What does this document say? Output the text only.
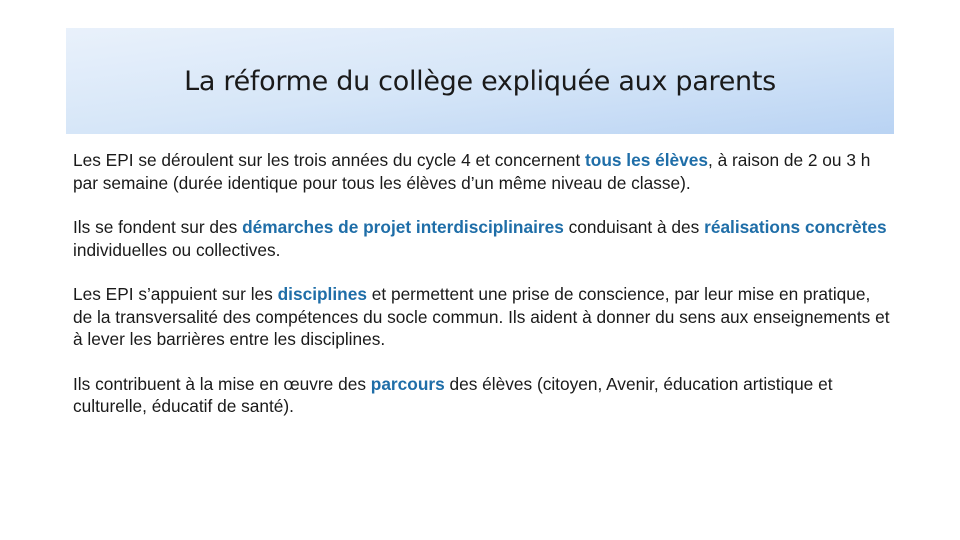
La réforme du collège expliquée aux parents

Les EPI se déroulent sur les trois années du cycle 4 et concernent tous les élèves, à raison de 2 ou 3 h par semaine (durée identique pour tous les élèves d’un même niveau de classe).

Ils se fondent sur des démarches de projet interdisciplinaires conduisant à des réalisations concrètes individuelles ou collectives.

Les EPI s’appuient sur les disciplines et permettent une prise de conscience, par leur mise en pratique, de la transversalité des compétences du socle commun. Ils aident à donner du sens aux enseignements et à lever les barrières entre les disciplines.

Ils contribuent à la mise en œuvre des parcours des élèves (citoyen, Avenir, éducation artistique et culturelle, éducatif de santé).
